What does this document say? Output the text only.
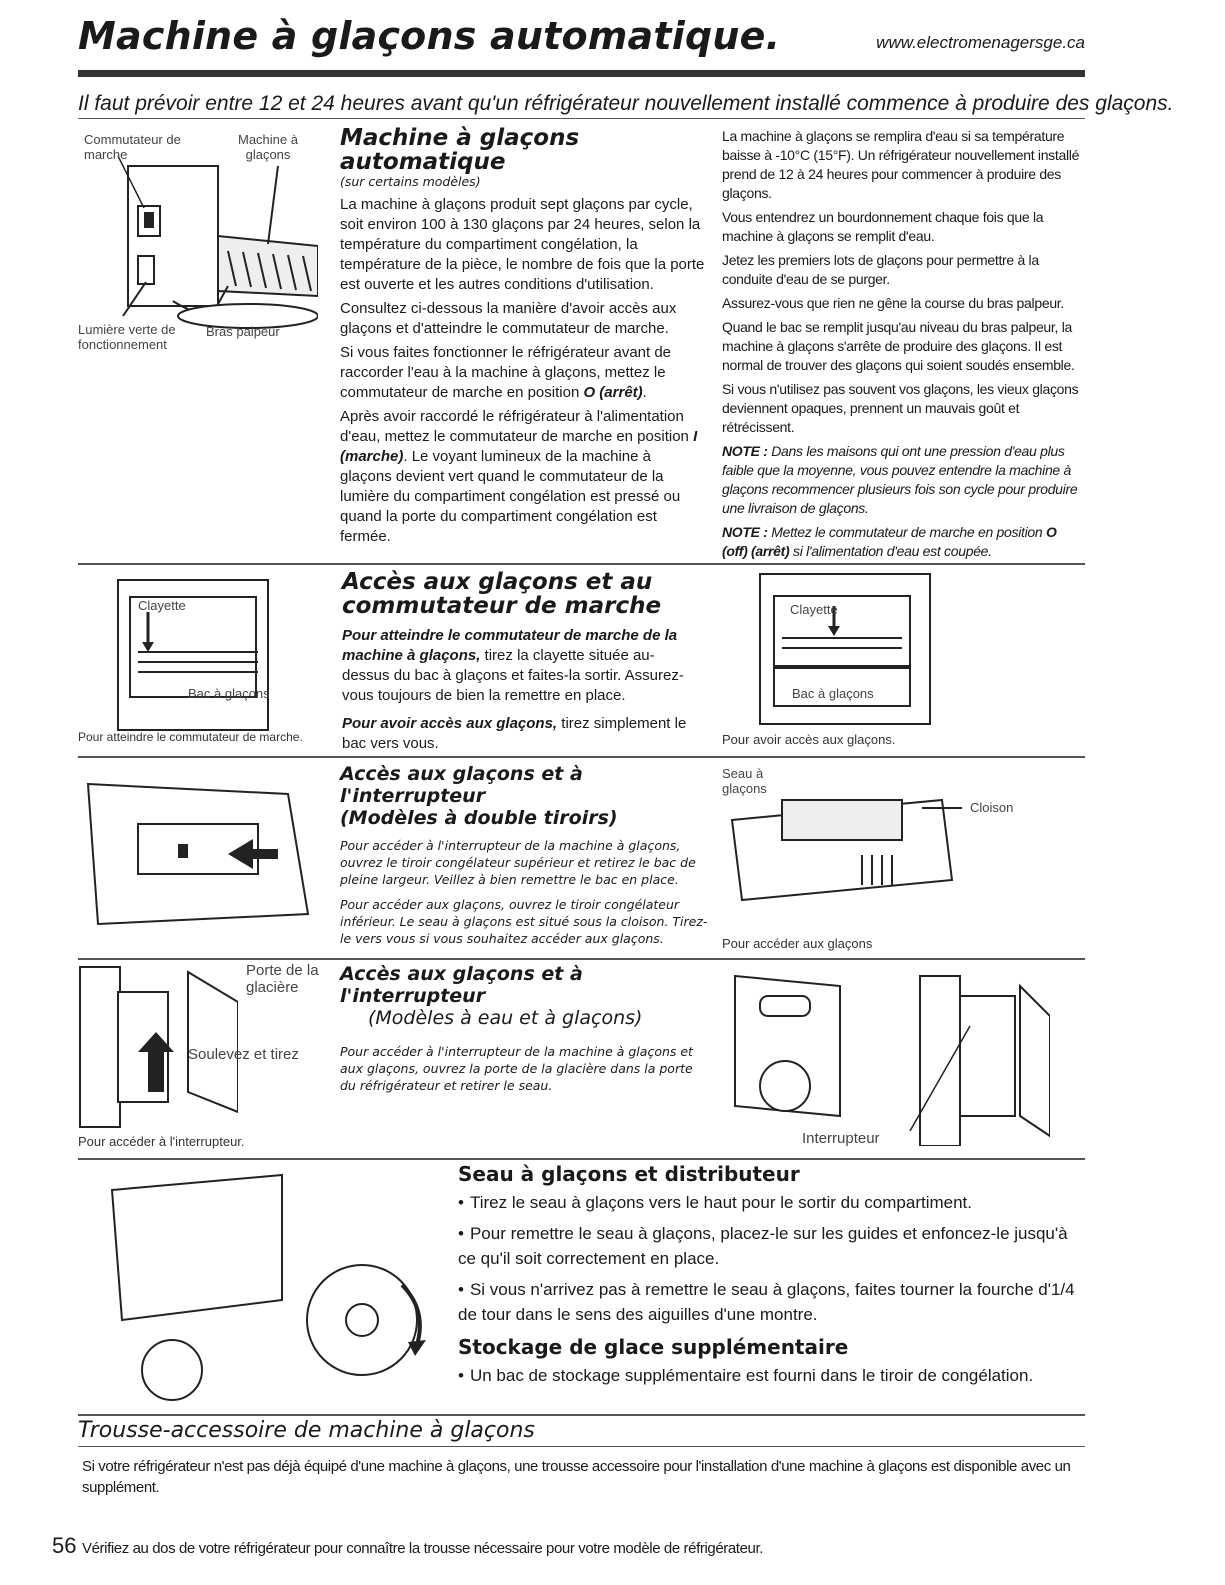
Machine à glaçons automatique.	www.electromenagersge.ca
Il faut prévoir entre 12 et 24 heures avant qu'un réfrigérateur nouvellement installé commence à produire des glaçons.
Commutateur de marche
Machine à glaçons
Lumière verte de fonctionnement
Bras palpeur
Machine à glaçons automatique
(sur certains modèles)

La machine à glaçons produit sept glaçons par cycle, soit environ 100 à 130 glaçons par 24 heures, selon la température du compartiment congélation, la température de la pièce, le nombre de fois que la porte est ouverte et les autres conditions d'utilisation.

Consultez ci-dessous la manière d'avoir accès aux glaçons et d'atteindre le commutateur de marche.

Si vous faites fonctionner le réfrigérateur avant de raccorder l'eau à la machine à glaçons, mettez le commutateur de marche en position O (arrêt).

Après avoir raccordé le réfrigérateur à l'alimentation d'eau, mettez le commutateur de marche en position I (marche). Le voyant lumineux de la machine à glaçons devient vert quand le commutateur de la lumière du compartiment congélation est pressé ou quand la porte du compartiment congélation est fermée.

La machine à glaçons se remplira d'eau si sa température baisse à -10°C (15°F). Un réfrigérateur nouvellement installé prend de 12 à 24 heures pour commencer à produire des glaçons.

Vous entendrez un bourdonnement chaque fois que la machine à glaçons se remplit d'eau.

Jetez les premiers lots de glaçons pour permettre à la conduite d'eau de se purger.

Assurez-vous que rien ne gêne la course du bras palpeur.

Quand le bac se remplit jusqu'au niveau du bras palpeur, la machine à glaçons s'arrête de produire des glaçons. Il est normal de trouver des glaçons qui soient soudés ensemble.

Si vous n'utilisez pas souvent vos glaçons, les vieux glaçons deviennent opaques, prennent un mauvais goût et rétrécissent.

NOTE : Dans les maisons qui ont une pression d'eau plus faible que la moyenne, vous pouvez entendre la machine à glaçons recommencer plusieurs fois son cycle pour produire une livraison de glaçons.

NOTE : Mettez le commutateur de marche en position O (off) (arrêt) si l'alimentation d'eau est coupée.

Clayette
Bac à glaçons
Pour atteindre le commutateur de marche.
Accès aux glaçons et au commutateur de marche

Pour atteindre le commutateur de marche de la machine à glaçons, tirez la clayette située au-dessus du bac à glaçons et faites-la sortir. Assurez-vous toujours de bien la remettre en place.

Pour avoir accès aux glaçons, tirez simplement le bac vers vous.

Clayette
Bac à glaçons
Pour avoir accès aux glaçons.
Accès aux glaçons et à l'interrupteur
(Modèles à double tiroirs)

Pour accéder à l'interrupteur de la machine à glaçons, ouvrez le tiroir congélateur supérieur et retirez le bac de pleine largeur. Veillez à bien remettre le bac en place.

Pour accéder aux glaçons, ouvrez le tiroir congélateur inférieur. Le seau à glaçons est situé sous la cloison. Tirez-le vers vous si vous souhaitez accéder aux glaçons.

Seau à glaçons
Cloison
Pour accéder aux glaçons
Porte de la glacière
Soulevez et tirez
Pour accéder à l'interrupteur.
Accès aux glaçons et à l'interrupteur
(Modèles à eau et à glaçons)

Pour accéder à l'interrupteur de la machine à glaçons et aux glaçons, ouvrez la porte de la glacière dans la porte du réfrigérateur et retirer le seau.

Interrupteur
Seau à glaçons et distributeur

• Tirez le seau à glaçons vers le haut pour le sortir du compartiment.

• Pour remettre le seau à glaçons, placez-le sur les guides et enfoncez-le jusqu'à ce qu'il soit correctement en place.

• Si vous n'arrivez pas à remettre le seau à glaçons, faites tourner la fourche d'1/4 de tour dans le sens des aiguilles d'une montre.

Stockage de glace supplémentaire

• Un bac de stockage supplémentaire est fourni dans le tiroir de congélation.

Trousse-accessoire de machine à glaçons
Si votre réfrigérateur n'est pas déjà équipé d'une machine à glaçons, une trousse accessoire pour l'installation d'une machine à glaçons est disponible avec un supplément.
56 Vérifiez au dos de votre réfrigérateur pour connaître la trousse nécessaire pour votre modèle de réfrigérateur.
